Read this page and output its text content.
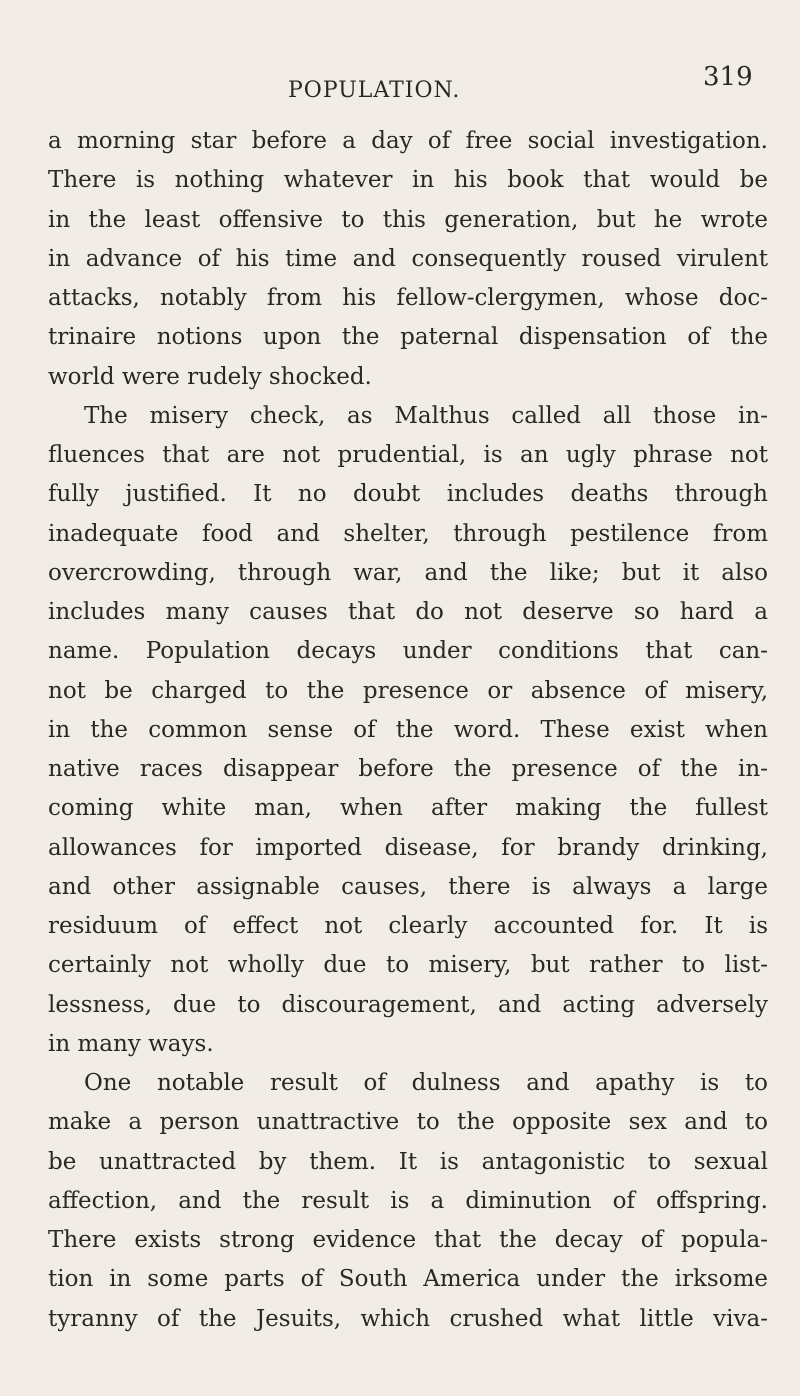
POPULATION.	319
a morning star before a day of free social investigation.
There is nothing whatever in his book that would be
in the least offensive to this generation, but he wrote
in advance of his time and consequently roused virulent
attacks, notably from his fellow-clergymen, whose doc-
trinaire notions upon the paternal dispensation of the
world were rudely shocked.
The misery check, as Malthus called all those in-
fluences that are not prudential, is an ugly phrase not
fully justified. It no doubt includes deaths through
inadequate food and shelter, through pestilence from
overcrowding, through war, and the like; but it also
includes many causes that do not deserve so hard a
name. Population decays under conditions that can-
not be charged to the presence or absence of misery,
in the common sense of the word. These exist when
native races disappear before the presence of the in-
coming white man, when after making the fullest
allowances for imported disease, for brandy drinking,
and other assignable causes, there is always a large
residuum of effect not clearly accounted for. It is
certainly not wholly due to misery, but rather to list-
lessness, due to discouragement, and acting adversely
in many ways.
One notable result of dulness and apathy is to
make a person unattractive to the opposite sex and to
be unattracted by them. It is antagonistic to sexual
affection, and the result is a diminution of offspring.
There exists strong evidence that the decay of popula-
tion in some parts of South America under the irksome
tyranny of the Jesuits, which crushed what little viva-
